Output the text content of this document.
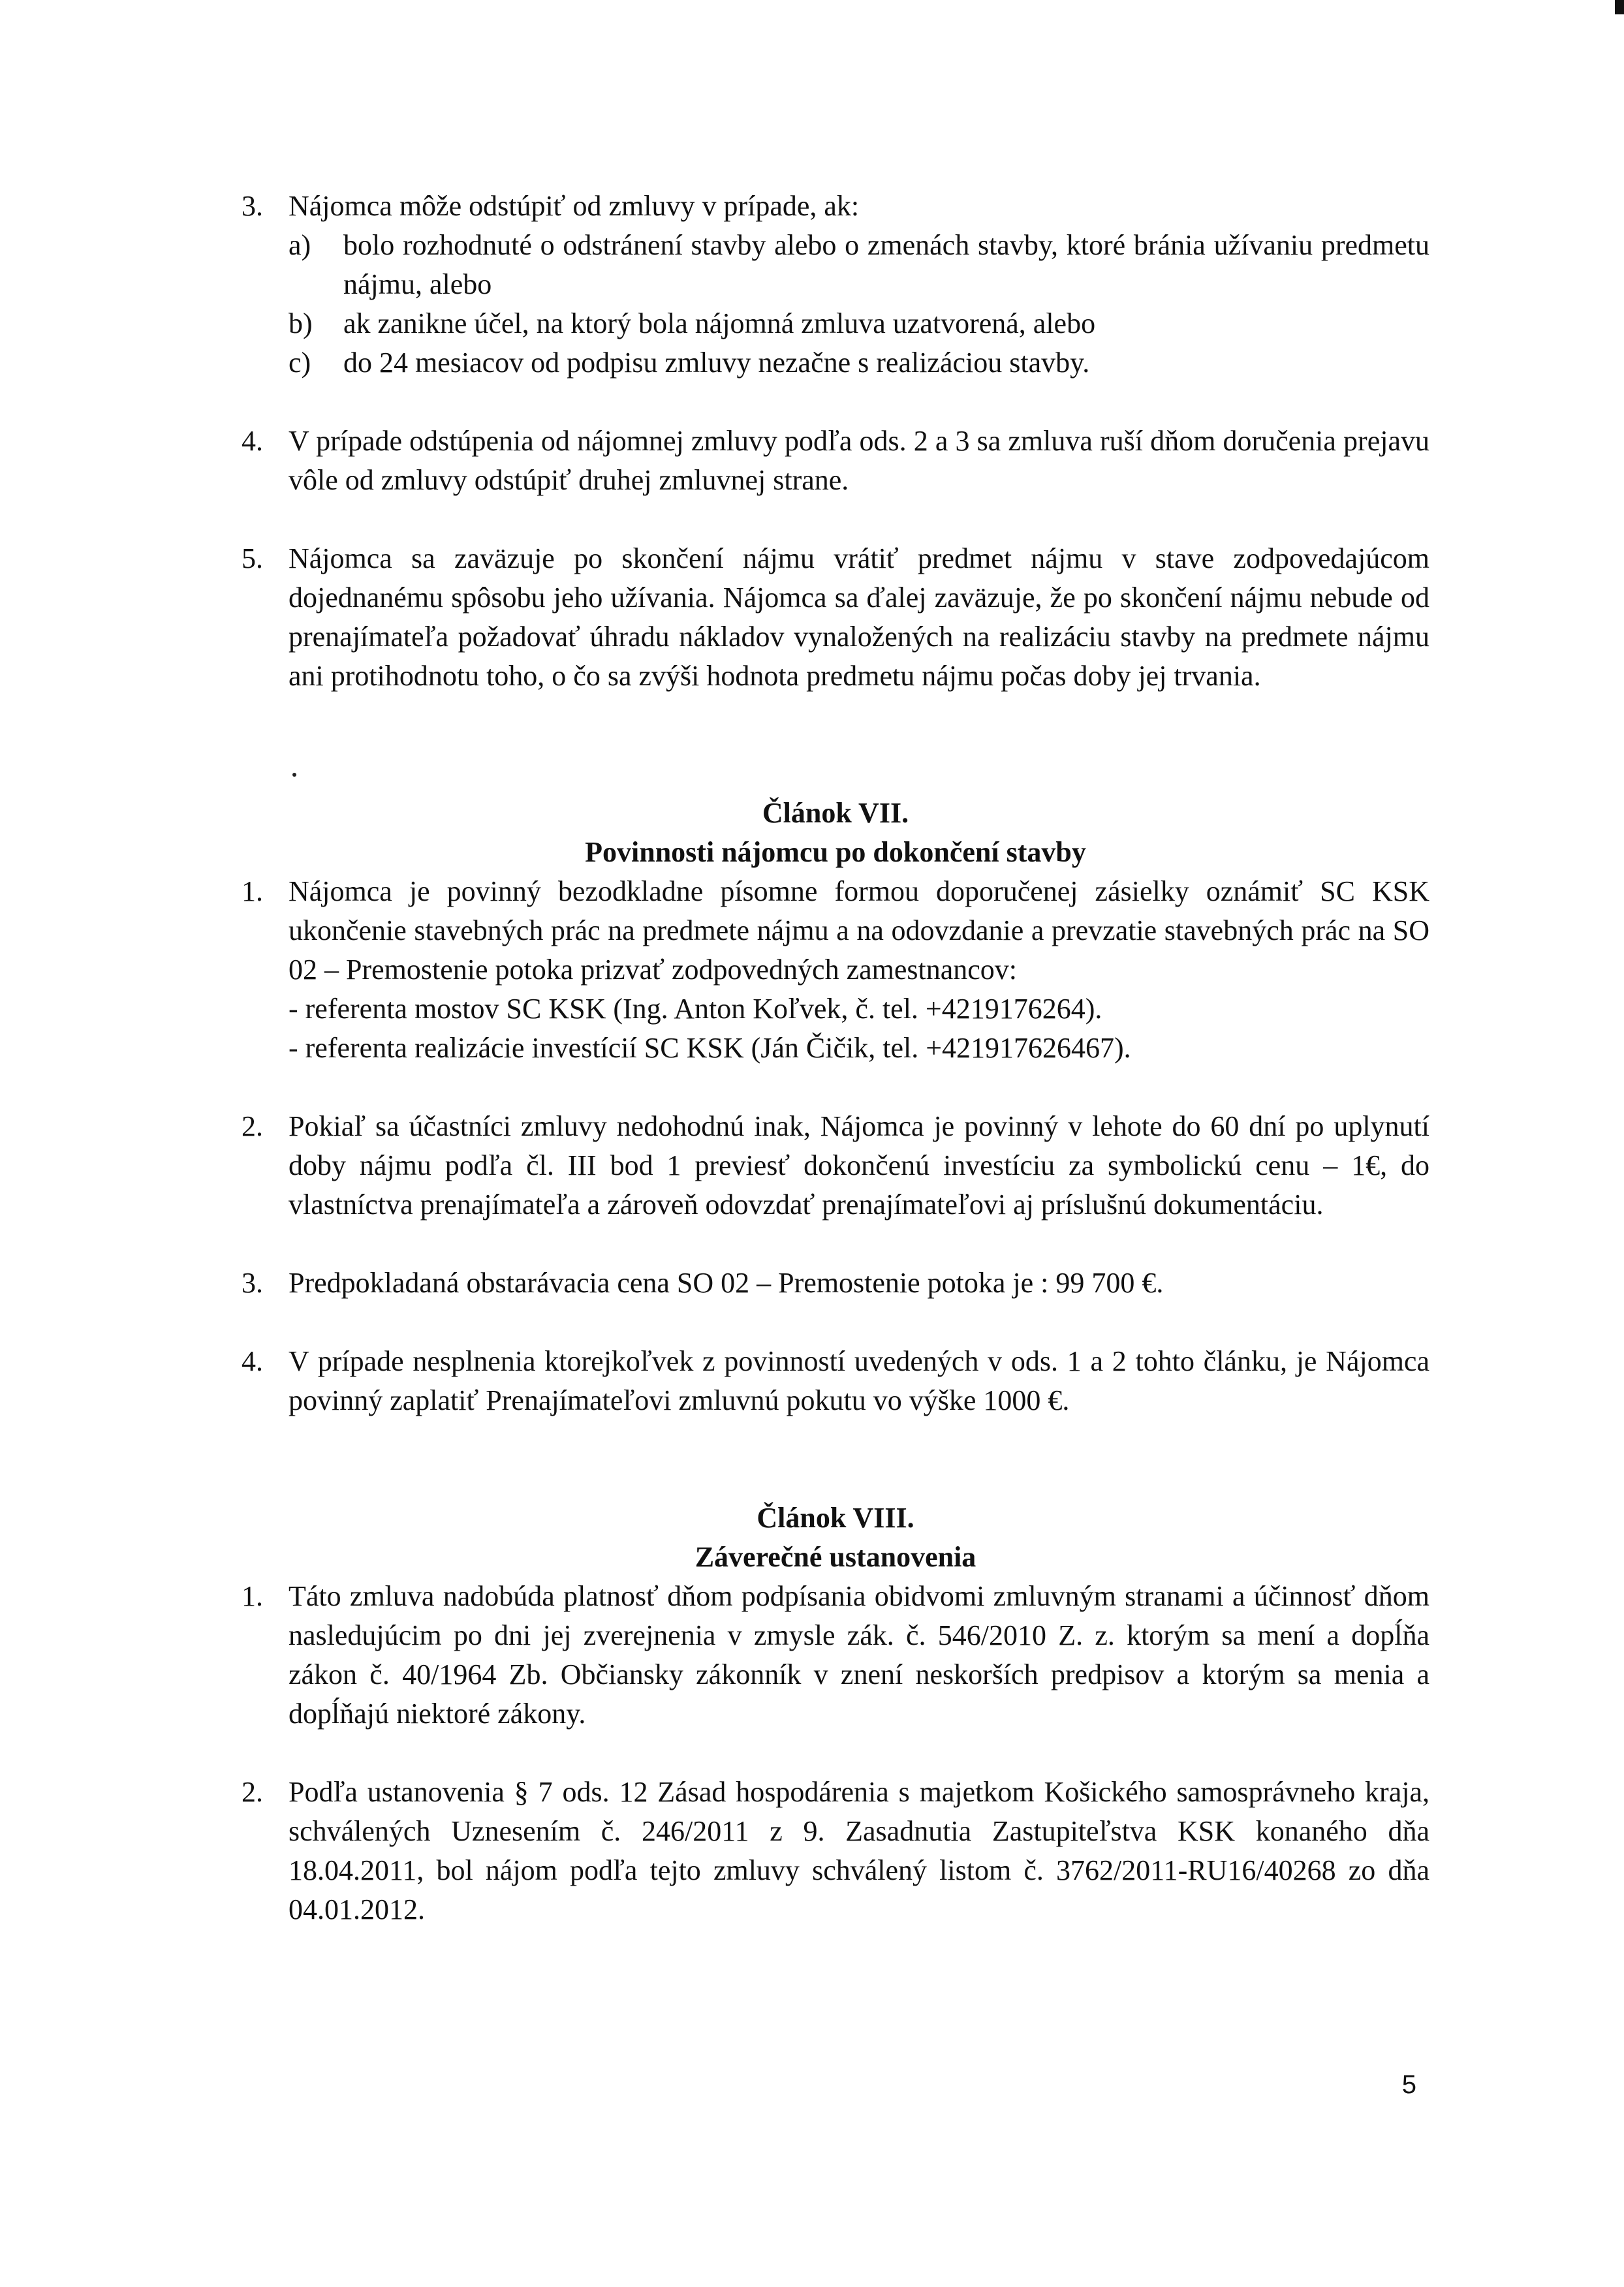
3. Nájomca môže odstúpiť od zmluvy v prípade, ak:

a)	bolo rozhodnuté o odstránení stavby alebo o zmenách stavby, ktoré bránia užívaniu predmetu nájmu, alebo
b)	ak zanikne účel, na ktorý bola nájomná zmluva uzatvorená, alebo
c)	do 24 mesiacov od podpisu zmluvy nezačne s realizáciou stavby.
4. V prípade odstúpenia od nájomnej zmluvy podľa ods. 2 a 3 sa zmluva ruší dňom doručenia prejavu vôle od zmluvy odstúpiť druhej zmluvnej strane.
5. Nájomca sa zaväzuje po skončení nájmu vrátiť predmet nájmu v stave zodpovedajúcom dojednanému spôsobu jeho užívania. Nájomca sa ďalej zaväzuje, že po skončení nájmu nebude od prenajímateľa požadovať úhradu nákladov vynaložených na realizáciu stavby na predmete nájmu ani protihodnotu toho, o čo sa zvýši hodnota predmetu nájmu počas doby jej trvania.

Článok VII.

Povinnosti nájomcu po dokončení stavby

1. Nájomca je povinný bezodkladne písomne formou doporučenej zásielky oznámiť SC KSK ukončenie stavebných prác na predmete nájmu a na odovzdanie a prevzatie stavebných prác na SO 02 – Premostenie potoka prizvať zodpovedných zamestnancov:

- referenta mostov SC KSK (Ing. Anton Koľvek, č. tel. +4219176264).
- referenta realizácie investícií SC KSK (Ján Čičik, tel. +421917626467).
2. Pokiaľ sa účastníci zmluvy nedohodnú inak, Nájomca je povinný v lehote do 60 dní po uplynutí doby nájmu podľa čl. III bod 1 previesť dokončenú investíciu za symbolickú cenu – 1€, do vlastníctva prenajímateľa a zároveň odovzdať prenajímateľovi aj príslušnú dokumentáciu.
3. Predpokladaná obstarávacia cena SO 02 – Premostenie potoka je : 99 700 €.
4. V prípade nesplnenia ktorejkoľvek z povinností uvedených v ods. 1 a 2 tohto článku, je Nájomca povinný zaplatiť Prenajímateľovi zmluvnú pokutu vo výške 1000 €.

Článok VIII.

Záverečné ustanovenia

1. Táto zmluva nadobúda platnosť dňom podpísania obidvomi zmluvným stranami a účinnosť dňom nasledujúcim po dni jej zverejnenia v zmysle zák. č. 546/2010 Z. z. ktorým sa mení a dopĺňa zákon č. 40/1964 Zb. Občiansky zákonník v znení neskorších predpisov a ktorým sa menia a dopĺňajú niektoré zákony.
2. Podľa ustanovenia § 7 ods. 12 Zásad hospodárenia s majetkom Košického samosprávneho kraja, schválených Uznesením č. 246/2011 z 9. Zasadnutia Zastupiteľstva KSK konaného dňa 18.04.2011, bol nájom podľa tejto zmluvy schválený listom č. 3762/2011-RU16/40268 zo dňa 04.01.2012.
5
